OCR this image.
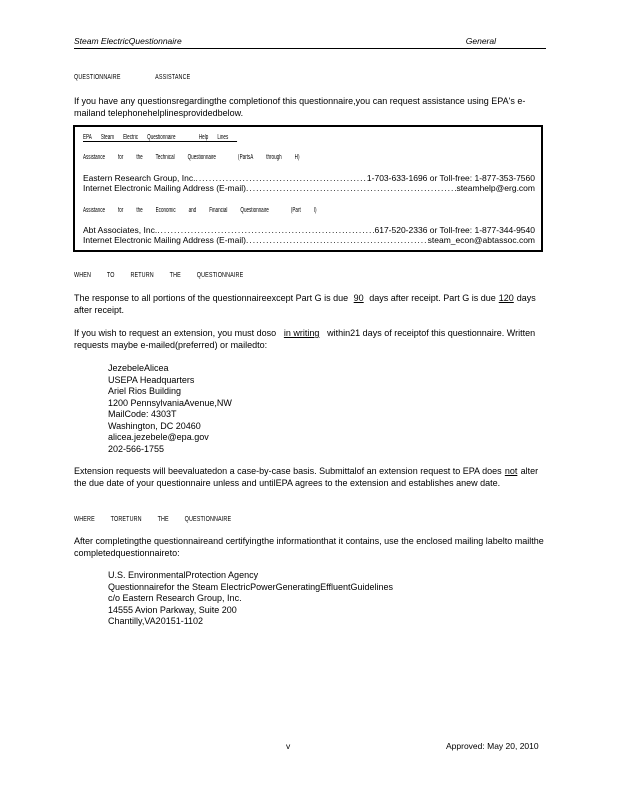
Steam ElectricQuestionnaire	General
QUESTIONNAIRE	ASSISTANCE
If you have any questionsregardingthe completionof this questionnaire,you can request assistance using EPA's e-mailand telephonehelplinesprovidedbelow.
EPA Steam Electric Questionnaire	Help Lines
Assistance for the Technical Questionnaire	(PartsA through H)
Eastern Research Group, Inc. .....	1-703-633-1696 or Toll-free: 1-877-353-7560
Internet Electronic Mailing Address (E-mail) .....	steamhelp@erg.com
Assistance for the Economic and Financial Questionnaire	(Part I)
Abt Associates, Inc. .....	617-520-2336 or Toll-free: 1-877-344-9540
Internet Electronic Mailing Address (E-mail) .....	steam_econ@abtassoc.com
WHEN TO RETURN THE QUESTIONNAIRE
The response to all portions of the questionnaireexcept Part G is due 90 days after receipt. Part G is due 120 days after receipt.
If you wish to request an extension, you must doso in writing within21 days of receiptof this questionnaire. Written requests maybe e-mailed(preferred) or mailedto:
JezebeleAlicea
USEPA Headquarters
Ariel Rios Building
1200 PennsylvaniaAvenue,NW
MailCode: 4303T
Washington, DC 20460
alicea.jezebele@epa.gov
202-566-1755
Extension requests will beevaluatedon a case-by-case basis. Submittalof an extension request to EPA does not alter the due date of your questionnaire unless and untilEPA agrees to the extension and establishes anew date.
WHERE TORETURN THE QUESTIONNAIRE
After completingthe questionnaireand certifyingthe informationthat it contains, use the enclosed mailing labelto mailthe completedquestionnaireto:
U.S. EnvironmentalProtection Agency
Questionnairefor the Steam ElectricPowerGeneratingEffluentGuidelines
c/o Eastern Research Group, Inc.
14555 Avion Parkway, Suite 200
Chantilly,VA20151-1102
v	Approved: May 20, 2010
